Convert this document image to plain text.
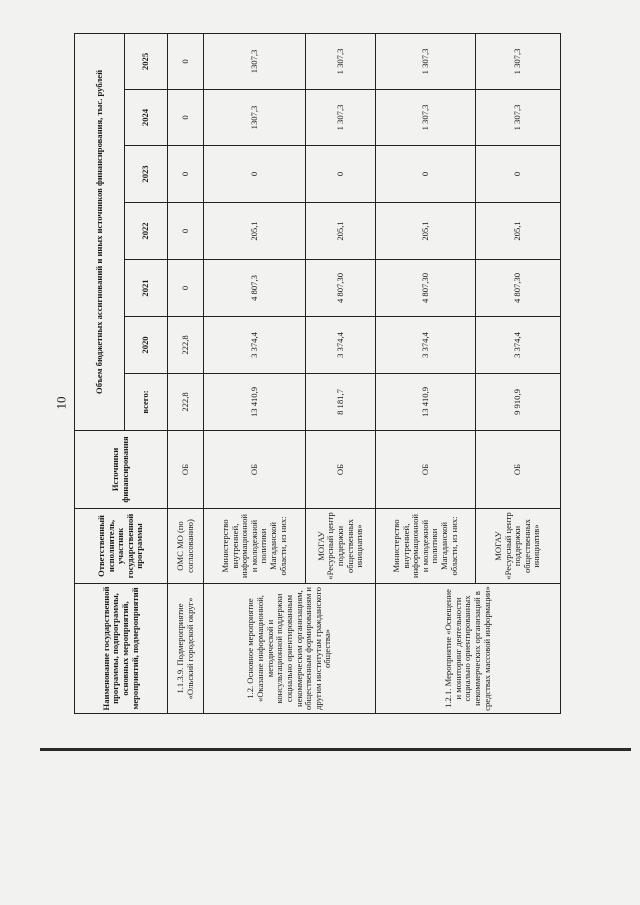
10
Наименование государственной программы, подпрограммы, основных мероприятий, мероприятий, подмероприятий	Ответственный исполнитель, участник государственной программы	Источники финансирования	Объем бюджетных ассигнований и иных источников финансирования, тыс. рублей						
			всего:	2020	2021	2022	2023	2024	2025
1.1.3.9. Подмероприятие «Ольский городской округ»	ОМС МО (по согласованию)	ОБ	222,8	222,8	0	0	0	0	0
1.2. Основное мероприятие «Оказание информационной, методической и консультационной поддержки социально ориентированным некоммерческим организациям, общественным формированиям и другим институтам гражданского общества»	Министерство внутренней, информационной и молодежной политики Магаданской области, из них:	ОБ	13 410,9	3 374,4	4 807,3	205,1	0	1307,3	1307,3
	МОГАУ «Ресурсный центр поддержки общественных инициатив»	ОБ	8 181,7	3 374,4	4 807,30	205,1	0	1 307,3	1 307,3
1.2.1. Мероприятие «Освещение и мониторинг деятельности социально ориентированных некоммерческих организаций в средствах массовой информации»	Министерство внутренней, информационной и молодежной политики Магаданской области, из них:	ОБ	13 410,9	3 374,4	4 807,30	205,1	0	1 307,3	1 307,3
	МОГАУ «Ресурсный центр поддержки общественных инициатив»	ОБ	9 910,9	3 374,4	4 807,30	205,1	0	1 307,3	1 307,3
